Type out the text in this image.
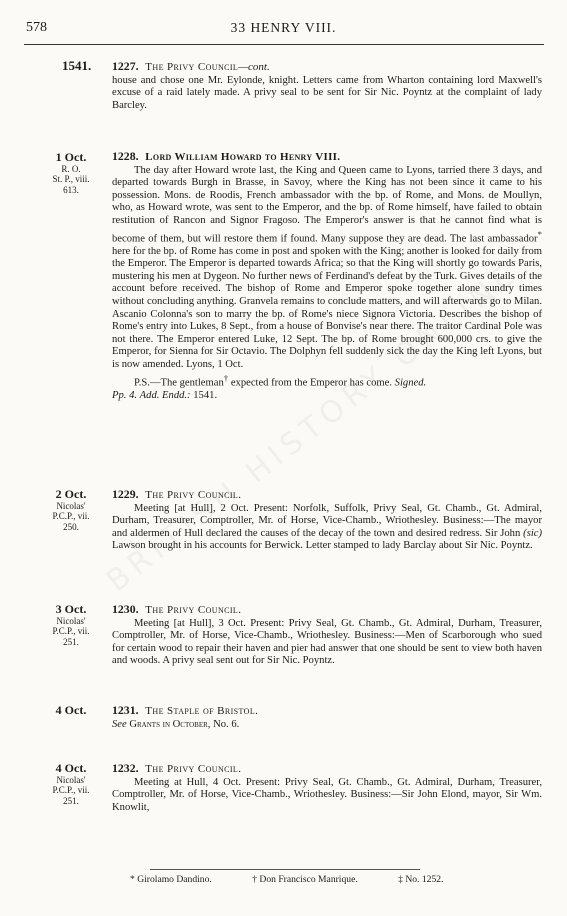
578	33 HENRY VIII.
1541. 1227. The Privy Council—cont.

house and chose one Mr. Eylonde, knight. Letters came from Wharton containing lord Maxwell's excuse of a raid lately made. A privy seal to be sent for Sir Nic. Poyntz at the complaint of lady Barcley.

1 Oct.
R. O.
St. P., viii.
613.
1228. Lord William Howard to Henry VIII.

The day after Howard wrote last, the King and Queen came to Lyons, tarried there 3 days, and departed towards Burgh in Brasse, in Savoy, where the King has not been since it came to his possession. Mons. de Roodis, French ambassador with the bp. of Rome, and Mons. de Moullyn, who, as Howard wrote, was sent to the Emperor, and the bp. of Rome himself, have failed to obtain restitution of Rancon and Signor Fragoso. The Emperor's answer is that he cannot find what is become of them, but will restore them if found. Many suppose they are dead. The last ambassador* here for the bp. of Rome has come in post and spoken with the King; another is looked for daily from the Emperor. The Emperor is departed towards Africa; so that the King will shortly go towards Paris, mustering his men at Dygeon. No further news of Ferdinand's defeat by the Turk. Gives details of the account before received. The bishop of Rome and Emperor spoke together alone sundry times without concluding anything. Granvela remains to conclude matters, and will afterwards go to Milan. Ascanio Colonna's son to marry the bp. of Rome's niece Signora Victoria. Describes the bishop of Rome's entry into Lukes, 8 Sept., from a house of Bonvise's near there. The traitor Cardinal Pole was not there. The Emperor entered Luke, 12 Sept. The bp. of Rome brought 600,000 crs. to give the Emperor, for Sienna for Sir Octavio. The Dolphyn fell suddenly sick the day the King left Lyons, but is now amended. Lyons, 1 Oct.

P.S.—The gentleman† expected from the Emperor has come. Signed.

Pp. 4. Add. Endd.: 1541.

2 Oct.
Nicolas'
P.C.P., vii.
250.
1229. The Privy Council.

Meeting [at Hull], 2 Oct. Present: Norfolk, Suffolk, Privy Seal, Gt. Chamb., Gt. Admiral, Durham, Treasurer, Comptroller, Mr. of Horse, Vice-Chamb., Wriothesley. Business:—The mayor and aldermen of Hull declared the causes of the decay of the town and desired redress. Sir John (sic) Lawson brought in his accounts for Berwick. Letter stamped to lady Barclay about Sir Nic. Poyntz.

3 Oct.
Nicolas'
P.C.P., vii.
251.
1230. The Privy Council.

Meeting [at Hull], 3 Oct. Present: Privy Seal, Gt. Chamb., Gt. Admiral, Durham, Treasurer, Comptroller, Mr. of Horse, Vice-Chamb., Wriothesley. Business:—Men of Scarborough who sued for certain wood to repair their haven and pier had answer that one should be sent to view both haven and woods. A privy seal sent out for Sir Nic. Poyntz.

4 Oct.	1231. The Staple of Bristol.

See Grants in October, No. 6.

4 Oct.
Nicolas'
P.C.P., vii.
251.
1232. The Privy Council.

Meeting at Hull, 4 Oct. Present: Privy Seal, Gt. Chamb., Gt. Admiral, Durham, Treasurer, Comptroller, Mr. of Horse, Vice-Chamb., Wriothesley. Business:—Sir John Elond, mayor, Sir Wm. Knowlit,

* Girolamo Dandino.	† Don Francisco Manrique.	‡ No. 1252.
